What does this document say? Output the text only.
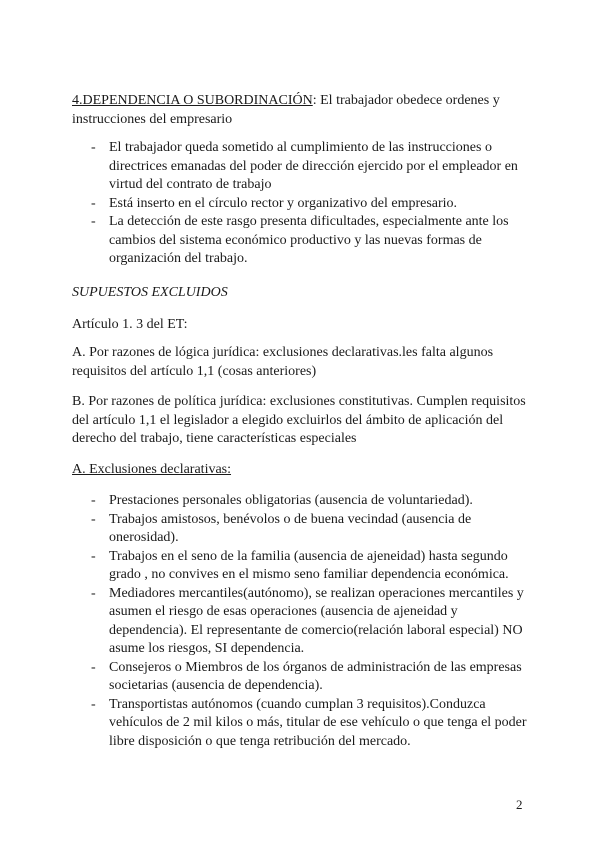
4.DEPENDENCIA O SUBORDINACIÓN: El trabajador obedece ordenes y instrucciones del empresario

- El trabajador queda sometido al cumplimiento de las instrucciones o directrices emanadas del poder de dirección ejercido por el empleador en virtud del contrato de trabajo
- Está inserto en el círculo rector y organizativo del empresario.
- La detección de este rasgo presenta dificultades, especialmente ante los cambios del sistema económico productivo y las nuevas formas de organización del trabajo.

SUPUESTOS EXCLUIDOS

Artículo 1. 3 del ET:

A. Por razones de lógica jurídica: exclusiones declarativas.les falta algunos requisitos del artículo 1,1 (cosas anteriores)

B. Por razones de política jurídica: exclusiones constitutivas. Cumplen requisitos del artículo 1,1 el legislador a elegido excluirlos del ámbito de aplicación del derecho del trabajo, tiene características especiales

A. Exclusiones declarativas:

- Prestaciones personales obligatorias (ausencia de voluntariedad).
- Trabajos amistosos, benévolos o de buena vecindad (ausencia de onerosidad).
- Trabajos en el seno de la familia (ausencia de ajeneidad) hasta segundo grado , no convives en el mismo seno familiar dependencia económica.
- Mediadores mercantiles(autónomo), se realizan operaciones mercantiles y asumen el riesgo de esas operaciones (ausencia de ajeneidad y dependencia). El representante de comercio(relación laboral especial) NO asume los riesgos, SI dependencia.
- Consejeros o Miembros de los órganos de administración de las empresas societarias (ausencia de dependencia).
- Transportistas autónomos (cuando cumplan 3 requisitos).Conduzca vehículos de 2 mil kilos o más, titular de ese vehículo o que tenga el poder libre disposición o que tenga retribución del mercado.
2
